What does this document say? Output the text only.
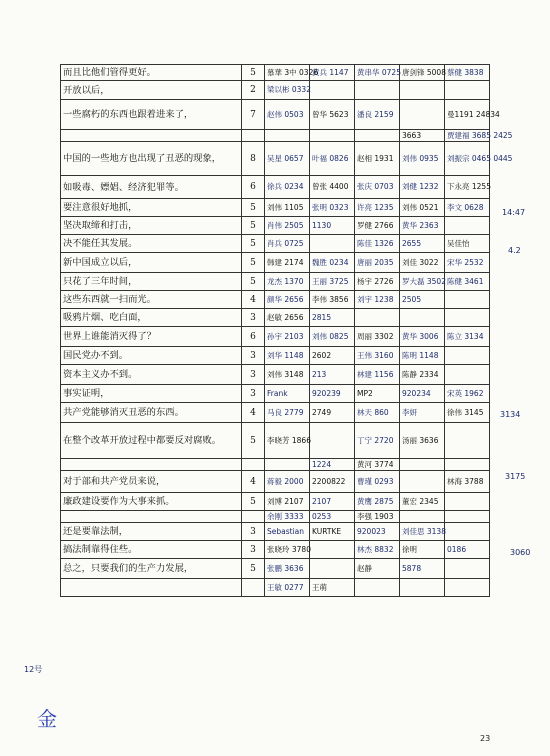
而且比他们管得更好。	5	慕華 3中 0326	黄兵 1147	黄串华 0725	唐剑锋 5008	蔡健 3838
开放以后，	2	梁以彬 0332				
一些腐朽的东西也跟着进来了，	7	赵伟 0503	曾华 5623	潘良 2159		曼1191 24834
					3663	贾建福 3685 2425
中国的一些地方也出现了丑恶的现象，	8	吴星 0657	叶福 0826	赵相 1931	刘伟 0935	刘振宗 0465 0445
如吸毒、嫖娼、经济犯罪等。	6	徐兵 0234	曾张 4400	张庆 0703	刘健 1232	下永亮 1255
要注意很好地抓，	5	刘伟 1105	张明 0323	许亮 1235	刘伟 0521	李文 0628
坚决取缔和打击，	5	肖伟 2505	1130	罗健 2766	黄华 2363	
决不能任其发展。	5	肖兵 0725		陈佳 1326	2655	吴佳怡
新中国成立以后，	5	韩建 2174	魏胜 0234	唐丽 2035	刘佳 3022	宋华 2532
只花了三年时间，	5	龙杰 1370	王丽 3725	杨宇 2726	罗大磊 3502	陈健 3461
这些东西就一扫而光。	4	颜华 2656	李伟 3856	刘宇 1238	2505	
吸鸦片烟、吃白面，	3	赵敏 2656	2815			
世界上谁能消灭得了？	6	孙宇 2103	刘伟 0825	周丽 3302	黄华 3006	陈立 3134
国民党办不到。	3	刘华 1148	2602	王伟 3160	陈明 1148	
资本主义办不到。	3	刘伟 3148	213	林建 1156	陈静 2334	
事实证明，	3	Frank	920239	MP2	920234	宋英 1962
共产党能够消灭丑恶的东西。	4	马良 2779	2749	林天 860	李妍	徐伟 3145
在整个改革开放过程中都要反对腐败。	5	李晓芳 1866		丁宁 2720	汤丽 3636	
			1224	黄河 3774		
对于部和共产党员来说，	4	蒋毅 2000	2200822	曹瑾 0293		林海 3788
廉政建设要作为大事来抓。	5	刘博 2107	2107	黄鹰 2875	董宏 2345	
		余刚 3333	0253	李强 1903		
还是要靠法制，	3	Sebastian	KURTKE	920023	刘佳思 3138	
搞法制靠得住些。	3	张晓玲 3780		林杰 8832	徐明	0186
总之，只要我们的生产力发展，	5	张鹏 3636		赵静	5878	
		王敏 0277	王萌			
14:47
4.2
3134
3175
3060
12号
金
23
